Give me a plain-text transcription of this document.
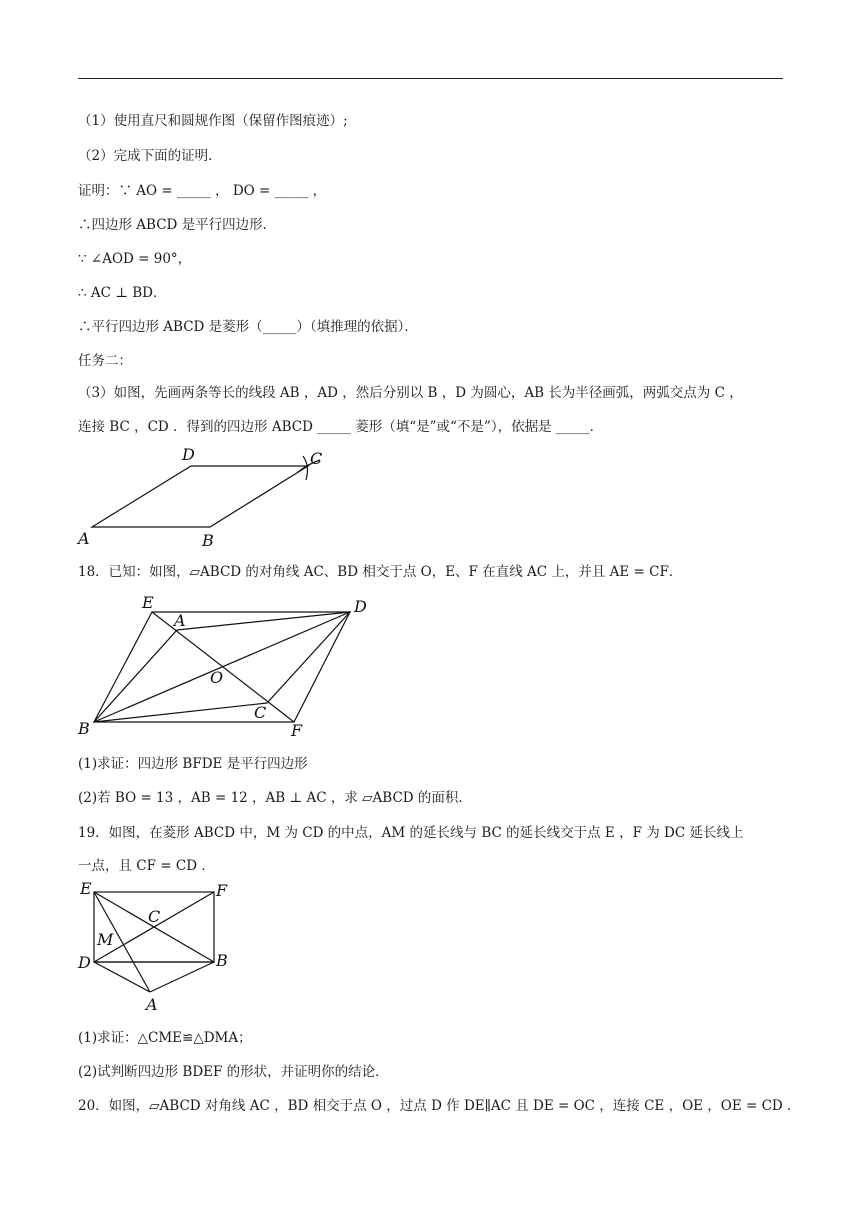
（1）使用直尺和圆规作图（保留作图痕迹）;
（2）完成下面的证明．
证明：∵ AO = _____ ， DO = _____ ，
∴四边形 ABCD 是平行四边形．
∵ ∠AOD = 90°，
∴ AC ⊥ BD．
∴平行四边形 ABCD 是菱形（_____）（填推理的依据）．
任务二：
（3）如图，先画两条等长的线段 AB ，AD ，然后分别以 B ，D 为圆心，AB 长为半径画弧，两弧交点为 C ，
连接 BC ，CD ．得到的四边形 ABCD _____ 菱形（填“是”或“不是”），依据是 _____．
A	B
C
D
18．已知：如图，▱ABCD 的对角线 AC、BD 相交于点 O，E、F 在直线 AC 上，并且 AE = CF．
E
A
D
O
C
B	F
(1)求证：四边形 BFDE 是平行四边形
(2)若 BO = 13 ，AB = 12 ，AB ⊥ AC ，求 ▱ABCD 的面积．
19．如图，在菱形 ABCD 中，M 为 CD 的中点，AM 的延长线与 BC 的延长线交于点 E ，F 为 DC 延长线上
一点，且 CF = CD ．
E	F
C
M
D	B
A
(1)求证：△CME≌△DMA；
(2)试判断四边形 BDEF 的形状，并证明你的结论．
20．如图，▱ABCD 对角线 AC ，BD 相交于点 O ，过点 D 作 DE∥AC 且 DE = OC ，连接 CE ，OE ，OE = CD ．
